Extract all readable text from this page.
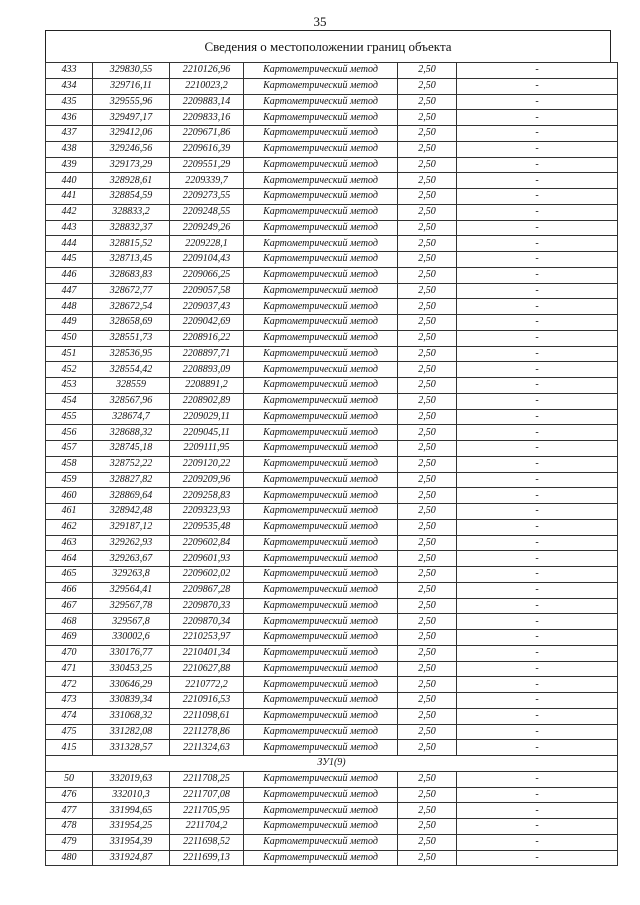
35
Сведения о местоположении границ объекта
433	329830,55	2210126,96	Картометрический метод	2,50	-
434	329716,11	2210023,2	Картометрический метод	2,50	-
435	329555,96	2209883,14	Картометрический метод	2,50	-
436	329497,17	2209833,16	Картометрический метод	2,50	-
437	329412,06	2209671,86	Картометрический метод	2,50	-
438	329246,56	2209616,39	Картометрический метод	2,50	-
439	329173,29	2209551,29	Картометрический метод	2,50	-
440	328928,61	2209339,7	Картометрический метод	2,50	-
441	328854,59	2209273,55	Картометрический метод	2,50	-
442	328833,2	2209248,55	Картометрический метод	2,50	-
443	328832,37	2209249,26	Картометрический метод	2,50	-
444	328815,52	2209228,1	Картометрический метод	2,50	-
445	328713,45	2209104,43	Картометрический метод	2,50	-
446	328683,83	2209066,25	Картометрический метод	2,50	-
447	328672,77	2209057,58	Картометрический метод	2,50	-
448	328672,54	2209037,43	Картометрический метод	2,50	-
449	328658,69	2209042,69	Картометрический метод	2,50	-
450	328551,73	2208916,22	Картометрический метод	2,50	-
451	328536,95	2208897,71	Картометрический метод	2,50	-
452	328554,42	2208893,09	Картометрический метод	2,50	-
453	328559	2208891,2	Картометрический метод	2,50	-
454	328567,96	2208902,89	Картометрический метод	2,50	-
455	328674,7	2209029,11	Картометрический метод	2,50	-
456	328688,32	2209045,11	Картометрический метод	2,50	-
457	328745,18	2209111,95	Картометрический метод	2,50	-
458	328752,22	2209120,22	Картометрический метод	2,50	-
459	328827,82	2209209,96	Картометрический метод	2,50	-
460	328869,64	2209258,83	Картометрический метод	2,50	-
461	328942,48	2209323,93	Картометрический метод	2,50	-
462	329187,12	2209535,48	Картометрический метод	2,50	-
463	329262,93	2209602,84	Картометрический метод	2,50	-
464	329263,67	2209601,93	Картометрический метод	2,50	-
465	329263,8	2209602,02	Картометрический метод	2,50	-
466	329564,41	2209867,28	Картометрический метод	2,50	-
467	329567,78	2209870,33	Картометрический метод	2,50	-
468	329567,8	2209870,34	Картометрический метод	2,50	-
469	330002,6	2210253,97	Картометрический метод	2,50	-
470	330176,77	2210401,34	Картометрический метод	2,50	-
471	330453,25	2210627,88	Картометрический метод	2,50	-
472	330646,29	2210772,2	Картометрический метод	2,50	-
473	330839,34	2210916,53	Картометрический метод	2,50	-
474	331068,32	2211098,61	Картометрический метод	2,50	-
475	331282,08	2211278,86	Картометрический метод	2,50	-
415	331328,57	2211324,63	Картометрический метод	2,50	-
ЗУ1(9)					
50	332019,63	2211708,25	Картометрический метод	2,50	-
476	332010,3	2211707,08	Картометрический метод	2,50	-
477	331994,65	2211705,95	Картометрический метод	2,50	-
478	331954,25	2211704,2	Картометрический метод	2,50	-
479	331954,39	2211698,52	Картометрический метод	2,50	-
480	331924,87	2211699,13	Картометрический метод	2,50	-
